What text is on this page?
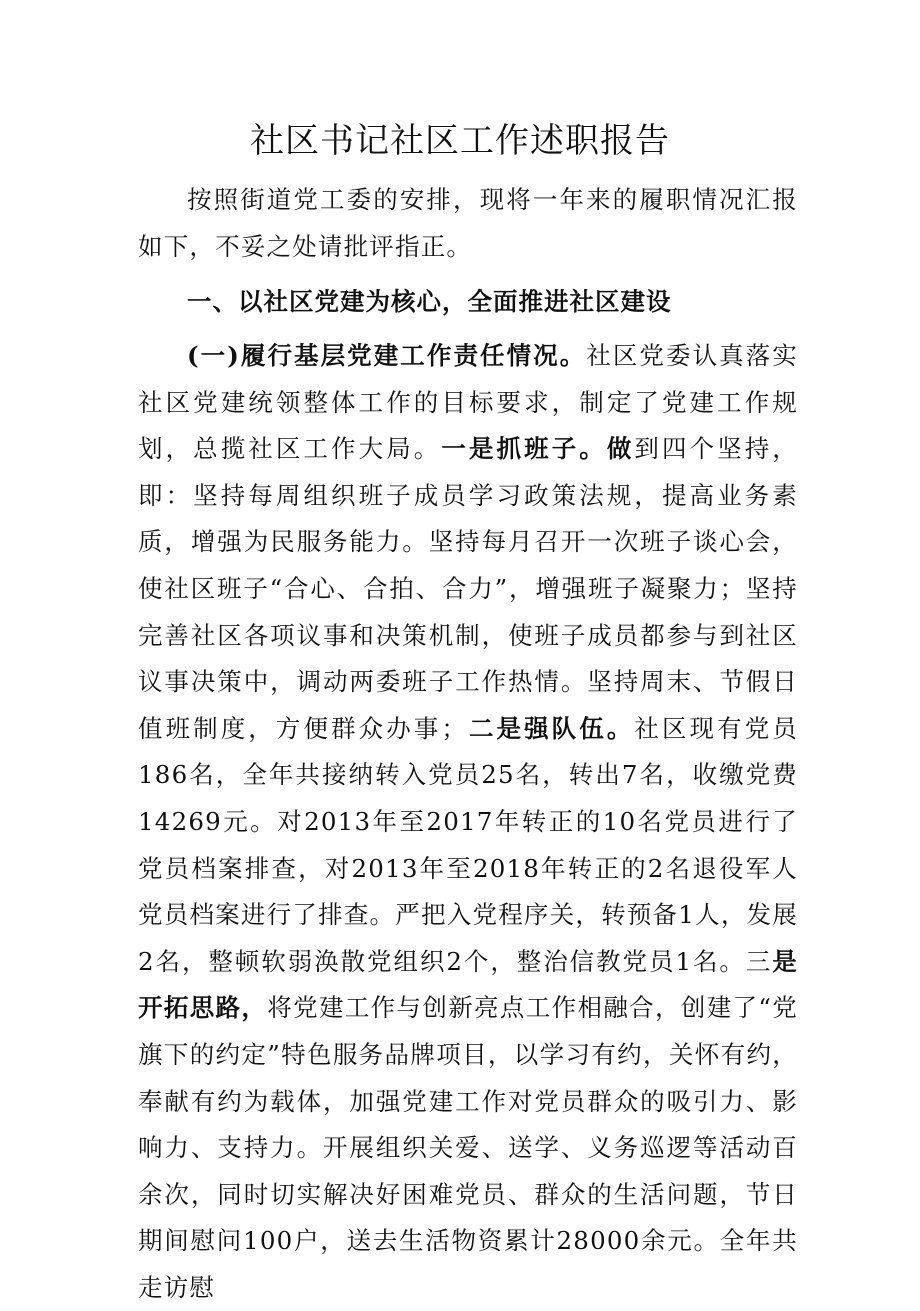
社区书记社区工作述职报告

按照街道党工委的安排，现将一年来的履职情况汇报如下，不妥之处请批评指正。

一、以社区党建为核心，全面推进社区建设

(一)履行基层党建工作责任情况。社区党委认真落实社区党建统领整体工作的目标要求，制定了党建工作规划，总揽社区工作大局。一是抓班子。做到四个坚持，即：坚持每周组织班子成员学习政策法规，提高业务素质，增强为民服务能力。坚持每月召开一次班子谈心会，使社区班子“合心、合拍、合力”，增强班子凝聚力；坚持完善社区各项议事和决策机制，使班子成员都参与到社区议事决策中，调动两委班子工作热情。坚持周末、节假日值班制度，方便群众办事；二是强队伍。社区现有党员186名，全年共接纳转入党员25名，转出7名，收缴党费14269元。对2013年至2017年转正的10名党员进行了党员档案排查，对2013年至2018年转正的2名退役军人党员档案进行了排查。严把入党程序关，转预备1人，发展2名，整顿软弱涣散党组织2个，整治信教党员1名。三是开拓思路，将党建工作与创新亮点工作相融合，创建了“党旗下的约定”特色服务品牌项目，以学习有约，关怀有约，奉献有约为载体，加强党建工作对党员群众的吸引力、影响力、支持力。开展组织关爱、送学、义务巡逻等活动百余次，同时切实解决好困难党员、群众的生活问题，节日期间慰问100户，送去生活物资累计28000余元。全年共走访慰
